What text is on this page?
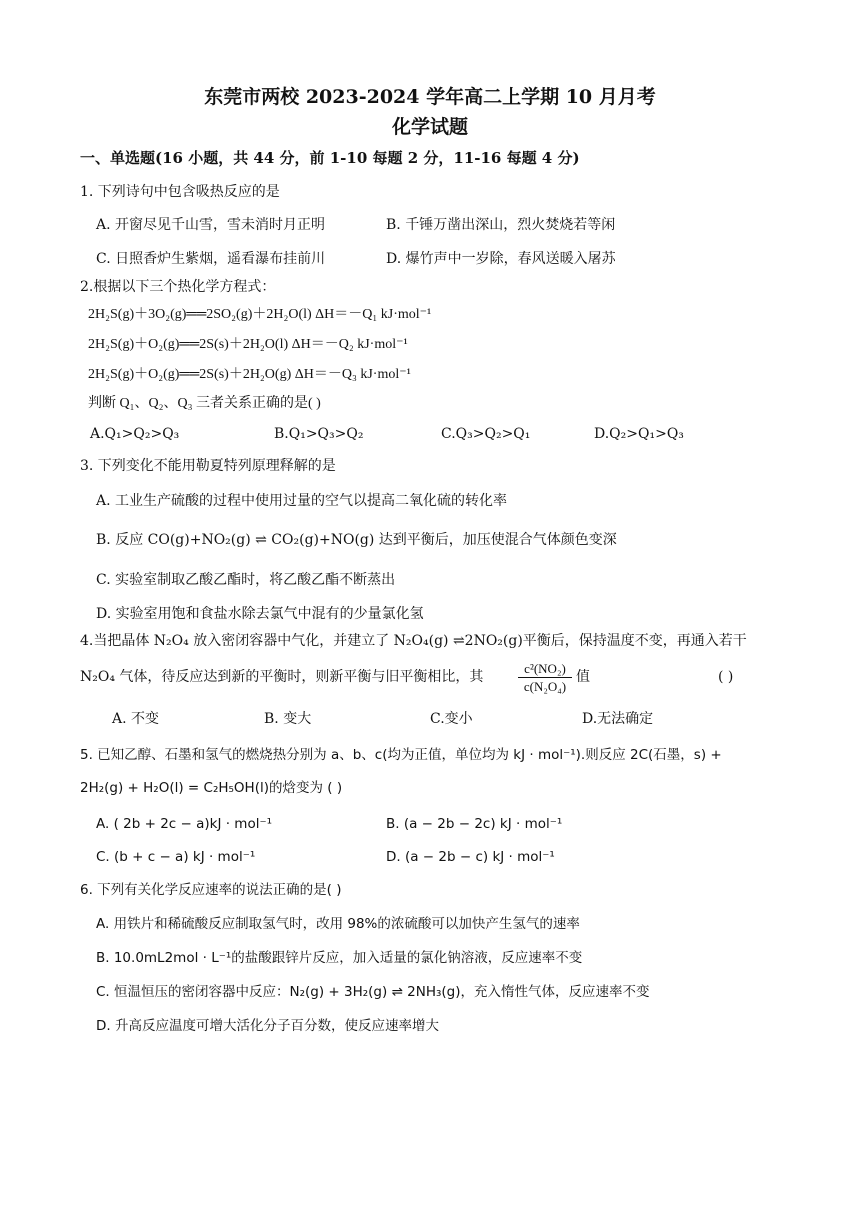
东莞市两校 2023-2024 学年高二上学期 10 月月考
化学试题
一、单选题(16 小题，共 44 分，前 1-10 每题 2 分，11-16 每题 4 分)
1. 下列诗句中包含吸热反应的是
A. 开窗尽见千山雪，雪未消时月正明	B. 千锤万凿出深山，烈火焚烧若等闲
C. 日照香炉生紫烟，遥看瀑布挂前川	D. 爆竹声中一岁除，春风送暖入屠苏
2.根据以下三个热化学方程式：
2H₂S(g)＋3O₂(g)══2SO₂(g)＋2H₂O(l) ΔH＝－Q₁ kJ·mol⁻¹
2H₂S(g)＋O₂(g)══2S(s)＋2H₂O(l) ΔH＝－Q₂ kJ·mol⁻¹
2H₂S(g)＋O₂(g)══2S(s)＋2H₂O(g) ΔH＝－Q₃ kJ·mol⁻¹
判断 Q₁、Q₂、Q₃ 三者关系正确的是( )
A.Q₁>Q₂>Q₃	B.Q₁>Q₃>Q₂	C.Q₃>Q₂>Q₁	D.Q₂>Q₁>Q₃
3. 下列变化不能用勒夏特列原理释解的是
A. 工业生产硫酸的过程中使用过量的空气以提高二氧化硫的转化率
B. 反应 CO(g)+NO₂(g) ⇌ CO₂(g)+NO(g) 达到平衡后，加压使混合气体颜色变深
C. 实验室制取乙酸乙酯时，将乙酸乙酯不断蒸出
D. 实验室用饱和食盐水除去氯气中混有的少量氯化氢
4.当把晶体 N₂O₄ 放入密闭容器中气化，并建立了 N₂O₄(g) ⇌2NO₂(g)平衡后，保持温度不变，再通入若干
N₂O₄ 气体，待反应达到新的平衡时，则新平衡与旧平衡相比，其	$\frac{\text{c²(NO₂)}}{\text{c(N₂O₄)}}$ 值	( )
A. 不变	B. 变大	C.变小	D.无法确定
5. 已知乙醇、石墨和氢气的燃烧热分别为 a、b、c(均为正值，单位均为 kJ · mol⁻¹).则反应 2C(石墨，s) +
2H₂(g) + H₂O(l) = C₂H₅OH(l)的焓变为 ( )
A. ( 2b + 2c − a)kJ · mol⁻¹	B. (a − 2b − 2c) kJ · mol⁻¹
C. (b + c − a) kJ · mol⁻¹	D. (a − 2b − c) kJ · mol⁻¹
6. 下列有关化学反应速率的说法正确的是( )
A. 用铁片和稀硫酸反应制取氢气时，改用 98%的浓硫酸可以加快产生氢气的速率
B. 10.0mL2mol · L⁻¹的盐酸跟锌片反应，加入适量的氯化钠溶液，反应速率不变
C. 恒温恒压的密闭容器中反应：N₂(g) + 3H₂(g) ⇌ 2NH₃(g)，充入惰性气体，反应速率不变
D. 升高反应温度可增大活化分子百分数，使反应速率增大
